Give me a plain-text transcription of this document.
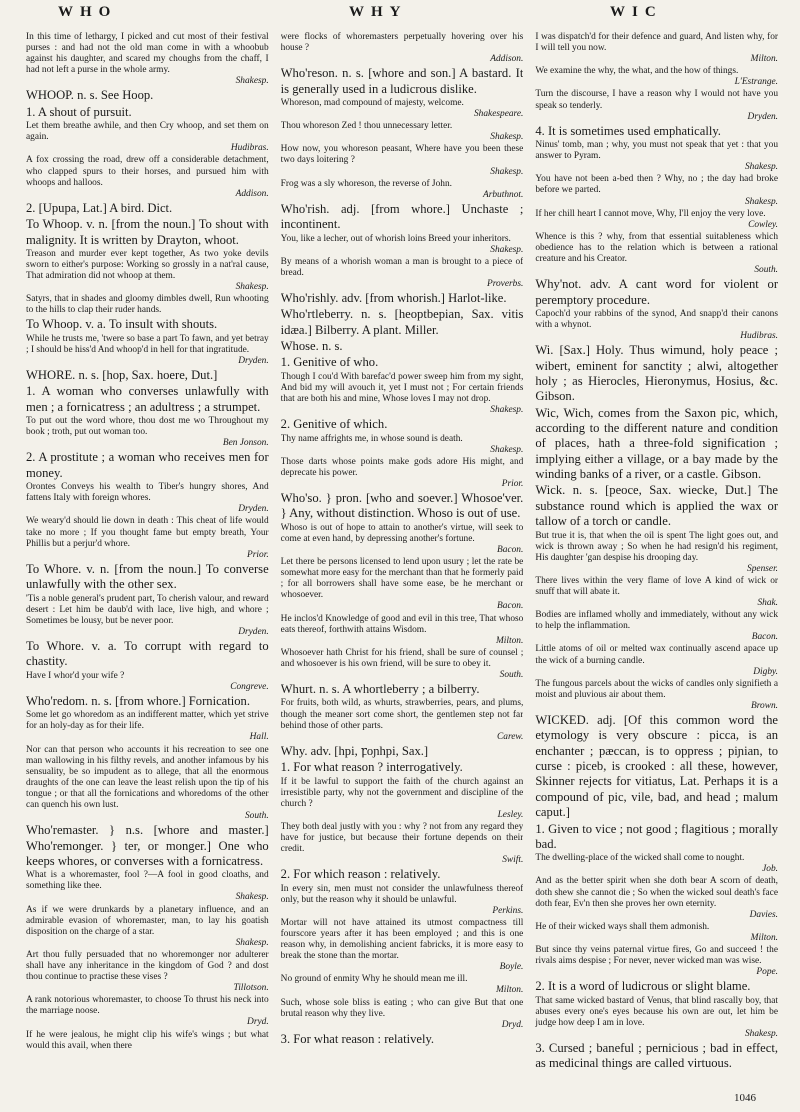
WHO	WHY	WIC

In this time of lethargy, I picked and cut most of their festival purses : and had not the old man come in with a whoobub against his daughter, and scared my choughs from the chaff, I had not left a purse in the whole army.
Shakesp.

WHOOP. n. s. See Hoop.

1. A shout of pursuit.

Let them breathe awhile, and then Cry whoop, and set them on again.
Hudibras.

A fox crossing the road, drew off a considerable detachment, who clapped spurs to their horses, and pursued him with whoops and halloos.
Addison.

2. [Upupa, Lat.] A bird. Dict.

To Whoop. v. n. [from the noun.] To shout with malignity. It is written by Drayton, whoot.

Treason and murder ever kept together, As two yoke devils sworn to either's purpose: Working so grossly in a nat'ral cause, That admiration did not whoop at them.
Shakesp.

Satyrs, that in shades and gloomy dimbles dwell, Run whooting to the hills to clap their ruder hands.

To Whoop. v. a. To insult with shouts.

While he trusts me, 'twere so base a part To fawn, and yet betray ; I should be hiss'd And whoop'd in hell for that ingratitude.
Dryden.

WHORE. n. s. [hop, Sax. hoere, Dut.]

1. A woman who converses unlawfully with men ; a fornicatress ; an adultress ; a strumpet.

To put out the word whore, thou dost me wo Throughout my book ; troth, put out woman too.
Ben Jonson.

2. A prostitute ; a woman who receives men for money.

Orontes Conveys his wealth to Tiber's hungry shores, And fattens Italy with foreign whores.
Dryden.

We weary'd should lie down in death : This cheat of life would take no more ; If you thought fame but empty breath, Your Phillis but a perjur'd whore.
Prior.

To Whore. v. n. [from the noun.] To converse unlawfully with the other sex.

'Tis a noble general's prudent part, To cherish valour, and reward desert : Let him be daub'd with lace, live high, and whore ; Sometimes be lousy, but be never poor.
Dryden.

To Whore. v. a. To corrupt with regard to chastity.

Have I whor'd your wife ?
Congreve.

Who'redom. n. s. [from whore.] Fornication.

Some let go whoredom as an indifferent matter, which yet strive for an holy-day as for their life.
Hall.

Nor can that person who accounts it his recreation to see one man wallowing in his filthy revels, and another infamous by his sensuality, be so impudent as to allege, that all the enormous draughts of the one can leave the least relish upon the tip of his tongue ; or that all the fornications and whoredoms of the other can quench his own lust.
South.

Who'remaster. } n.s. [whore and master.] Who'remonger. } ter, or monger.] One who keeps whores, or converses with a fornicatress.

What is a whoremaster, fool ?—A fool in good cloaths, and something like thee.
Shakesp.

As if we were drunkards by a planetary influence, and an admirable evasion of whoremaster, man, to lay his goatish disposition on the charge of a star.
Shakesp.

Art thou fully persuaded that no whoremonger nor adulterer shall have any inheritance in the kingdom of God ? and dost thou continue to practise these vises ?
Tillotson.

A rank notorious whoremaster, to choose To thrust his neck into the marriage noose.
Dryd.

If he were jealous, he might clip his wife's wings ; but what would this avail, when there

were flocks of whoremasters perpetually hovering over his house ?
Addison.

Who'reson. n. s. [whore and son.] A bastard. It is generally used in a ludicrous dislike.

Whoreson, mad compound of majesty, welcome.
Shakespeare.

Thou whoreson Zed ! thou unnecessary letter.
Shakesp.

How now, you whoreson peasant, Where have you been these two days loitering ?
Shakesp.

Frog was a sly whoreson, the reverse of John.
Arbuthnot.

Who'rish. adj. [from whore.] Unchaste ; incontinent.

You, like a lecher, out of whorish loins Breed your inheritors.
Shakesp.

By means of a whorish woman a man is brought to a piece of bread.
Proverbs.

Who'rishly. adv. [from whorish.] Harlot-like.

Who'rtleberry. n. s. [heoptbepian, Sax. vitis idæa.] Bilberry. A plant. Miller.

Whose. n. s.

1. Genitive of who.

Though I cou'd With barefac'd power sweep him from my sight, And bid my will avouch it, yet I must not ; For certain friends that are both his and mine, Whose loves I may not drop.
Shakesp.

2. Genitive of which.

Thy name affrights me, in whose sound is death.
Shakesp.

Those darts whose points make gods adore His might, and deprecate his power.
Prior.

Who'so. } pron. [who and soever.] Whosoe'ver. } Any, without distinction. Whoso is out of use.

Whoso is out of hope to attain to another's virtue, will seek to come at even hand, by depressing another's fortune.
Bacon.

Let there be persons licensed to lend upon usury ; let the rate be somewhat more easy for the merchant than that he formerly paid ; for all borrowers shall have some ease, be he merchant or whosoever.
Bacon.

He inclos'd Knowledge of good and evil in this tree, That whoso eats thereof, forthwith attains Wisdom.
Milton.

Whosoever hath Christ for his friend, shall be sure of counsel ; and whosoever is his own friend, will be sure to obey it.
South.

Whurt. n. s. A whortleberry ; a bilberry.

For fruits, both wild, as whurts, strawberries, pears, and plums, though the meaner sort come short, the gentlemen step not far behind those of other parts.
Carew.

Why. adv. [hpi, ꝼoɲhpi, Sax.]

1. For what reason ? interrogatively.

If it be lawful to support the faith of the church against an irresistible party, why not the government and discipline of the church ?
Lesley.

They both deal justly with you : why ? not from any regard they have for justice, but because their fortune depends on their credit.
Swift.

2. For which reason : relatively.

In every sin, men must not consider the unlawfulness thereof only, but the reason why it should be unlawful.
Perkins.

Mortar will not have attained its utmost compactness till fourscore years after it has been employed ; and this is one reason why, in demolishing ancient fabricks, it is more easy to break the stone than the mortar.
Boyle.

No ground of enmity Why he should mean me ill.
Milton.

Such, whose sole bliss is eating ; who can give But that one brutal reason why they live.
Dryd.

3. For what reason : relatively.

I was dispatch'd for their defence and guard, And listen why, for I will tell you now.
Milton.

We examine the why, the what, and the how of things.
L'Estrange.

Turn the discourse, I have a reason why I would not have you speak so tenderly.
Dryden.

4. It is sometimes used emphatically.

Ninus' tomb, man ; why, you must not speak that yet : that you answer to Pyram.
Shakesp.

You have not been a-bed then ? Why, no ; the day had broke before we parted.
Shakesp.

If her chill heart I cannot move, Why, I'll enjoy the very love.
Cowley.

Whence is this ? why, from that essential suitableness which obedience has to the relation which is between a rational creature and his Creator.
South.

Why'not. adv. A cant word for violent or peremptory procedure.

Capoch'd your rabbins of the synod, And snapp'd their canons with a whynot.
Hudibras.

Wi. [Sax.] Holy. Thus wimund, holy peace ; wibert, eminent for sanctity ; alwi, altogether holy ; as Hierocles, Hieronymus, Hosius, &c. Gibson.

Wic, Wich, comes from the Saxon pic, which, according to the different nature and condition of places, hath a three-fold signification ; implying either a village, or a bay made by the winding banks of a river, or a castle. Gibson.

Wick. n. s. [peoce, Sax. wiecke, Dut.] The substance round which is applied the wax or tallow of a torch or candle.

But true it is, that when the oil is spent The light goes out, and wick is thrown away ; So when he had resign'd his regiment, His daughter 'gan despise his drooping day.
Spenser.

There lives within the very flame of love A kind of wick or snuff that will abate it.
Shak.

Bodies are inflamed wholly and immediately, without any wick to help the inflammation.
Bacon.

Little atoms of oil or melted wax continually ascend apace up the wick of a burning candle.
Digby.

The fungous parcels about the wicks of candles only signifieth a moist and pluvious air about them.
Brown.

WICKED. adj. [Of this common word the etymology is very obscure : picca, is an enchanter ; pæccan, is to oppress ; piɲian, to curse : piceb, is crooked : all these, however, Skinner rejects for vitiatus, Lat. Perhaps it is a compound of pic, vile, bad, and head ; malum caput.]

1. Given to vice ; not good ; flagitious ; morally bad.

The dwelling-place of the wicked shall come to nought.
Job.

And as the better spirit when she doth bear A scorn of death, doth shew she cannot die ; So when the wicked soul death's face doth fear, Ev'n then she proves her own eternity.
Davies.

He of their wicked ways shall them admonish.
Milton.

But since thy veins paternal virtue fires, Go and succeed ! the rivals aims despise ; For never, never wicked man was wise.
Pope.

2. It is a word of ludicrous or slight blame.

That same wicked bastard of Venus, that blind rascally boy, that abuses every one's eyes because his own are out, let him be judge how deep I am in love.
Shakesp.

3. Cursed ; baneful ; pernicious ; bad in effect, as medicinal things are called virtuous.

1046
